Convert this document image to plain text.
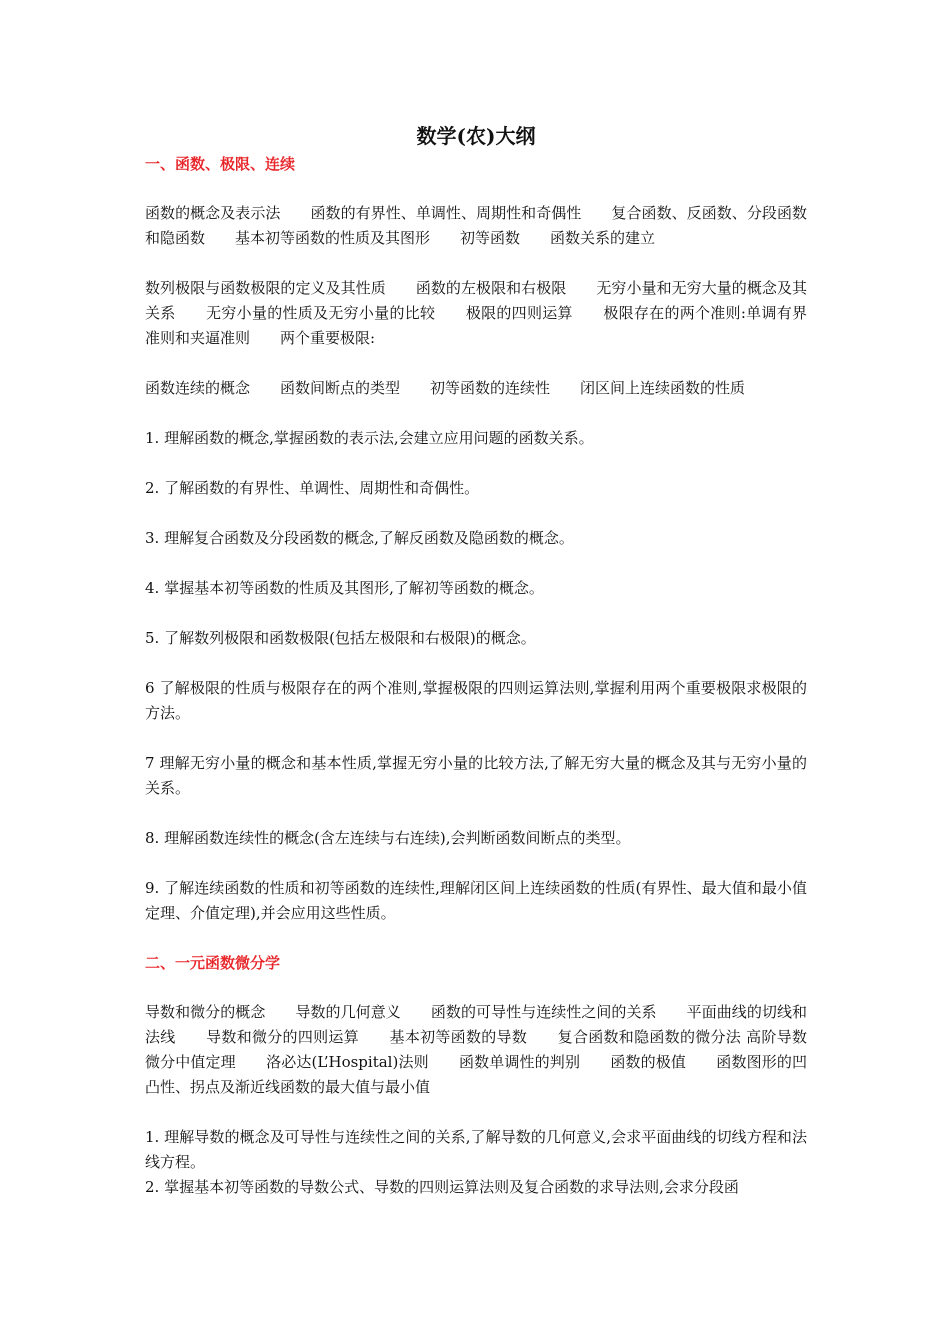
数学(农)大纲

一、函数、极限、连续

函数的概念及表示法　　函数的有界性、单调性、周期性和奇偶性　　复合函数、反函数、分段函数和隐函数　　基本初等函数的性质及其图形　　初等函数　　函数关系的建立

数列极限与函数极限的定义及其性质　　函数的左极限和右极限　　无穷小量和无穷大量的概念及其关系　　无穷小量的性质及无穷小量的比较　　极限的四则运算　　极限存在的两个准则:单调有界准则和夹逼准则　　两个重要极限:

函数连续的概念　　函数间断点的类型　　初等函数的连续性　　闭区间上连续函数的性质

1. 理解函数的概念,掌握函数的表示法,会建立应用问题的函数关系。

2. 了解函数的有界性、单调性、周期性和奇偶性。

3. 理解复合函数及分段函数的概念,了解反函数及隐函数的概念。

4. 掌握基本初等函数的性质及其图形,了解初等函数的概念。

5. 了解数列极限和函数极限(包括左极限和右极限)的概念。

6 了解极限的性质与极限存在的两个准则,掌握极限的四则运算法则,掌握利用两个重要极限求极限的方法。

7 理解无穷小量的概念和基本性质,掌握无穷小量的比较方法,了解无穷大量的概念及其与无穷小量的关系。

8. 理解函数连续性的概念(含左连续与右连续),会判断函数间断点的类型。

9. 了解连续函数的性质和初等函数的连续性,理解闭区间上连续函数的性质(有界性、最大值和最小值定理、介值定理),并会应用这些性质。

二、一元函数微分学

导数和微分的概念　　导数的几何意义　　函数的可导性与连续性之间的关系　　平面曲线的切线和法线　　导数和微分的四则运算　　基本初等函数的导数　　复合函数和隐函数的微分法 高阶导数　　微分中值定理　　洛必达(L’Hospital)法则　　函数单调性的判别　　函数的极值　　函数图形的凹凸性、拐点及渐近线函数的最大值与最小值

1. 理解导数的概念及可导性与连续性之间的关系,了解导数的几何意义,会求平面曲线的切线方程和法线方程。

2. 掌握基本初等函数的导数公式、导数的四则运算法则及复合函数的求导法则,会求分段函
